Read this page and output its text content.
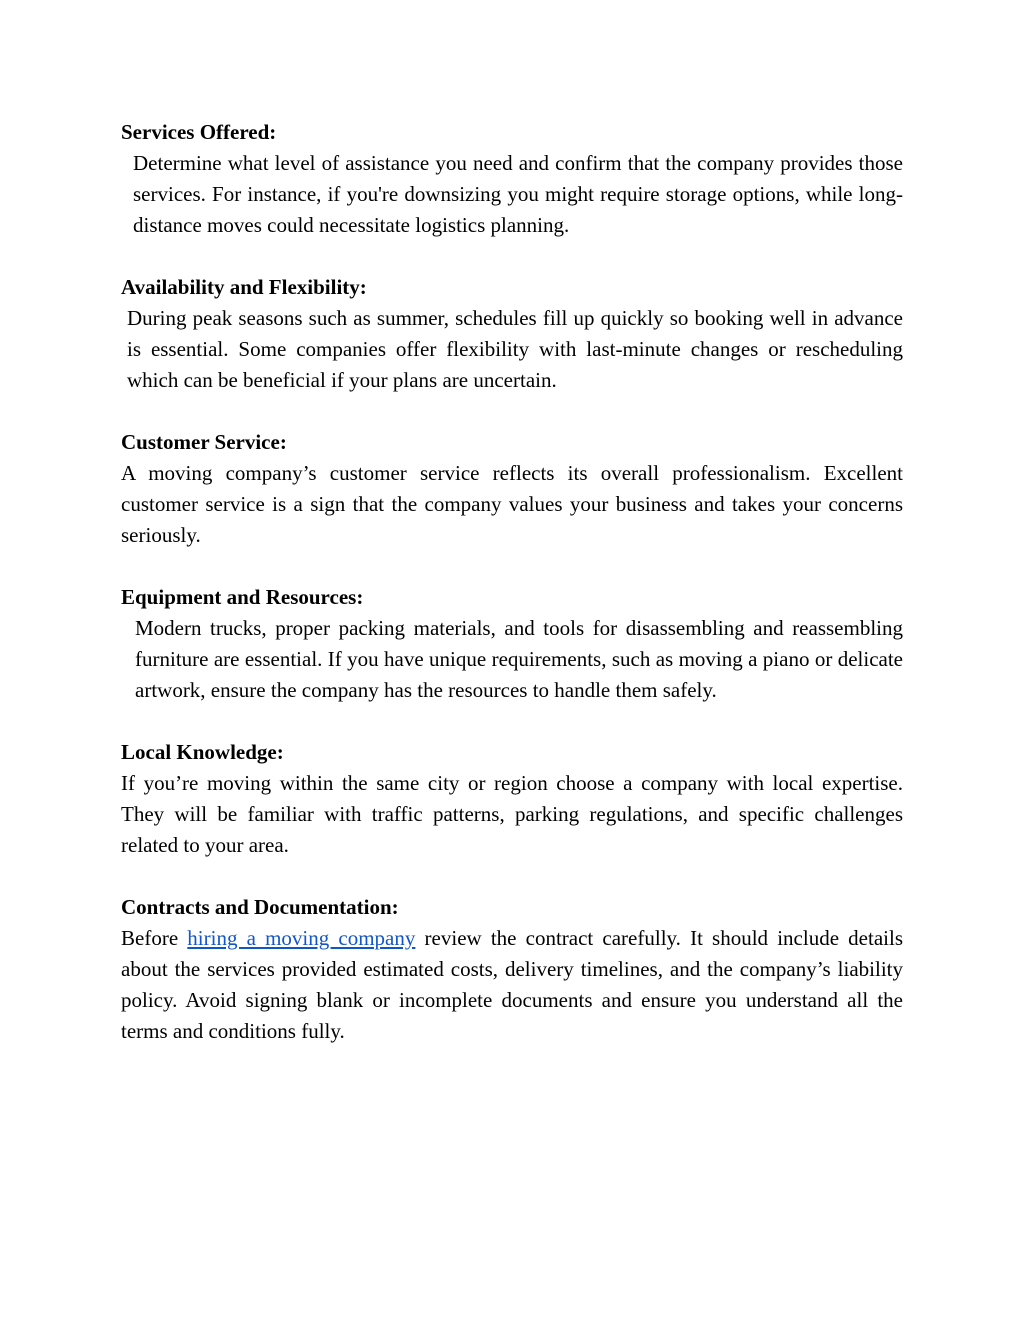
Services Offered:

Determine what level of assistance you need and confirm that the company provides those services. For instance, if you're downsizing you might require storage options, while long-distance moves could necessitate logistics planning.

Availability and Flexibility:

During peak seasons such as summer, schedules fill up quickly so booking well in advance is essential. Some companies offer flexibility with last-minute changes or rescheduling which can be beneficial if your plans are uncertain.

Customer Service:

A moving company’s customer service reflects its overall professionalism. Excellent customer service is a sign that the company values your business and takes your concerns seriously.

Equipment and Resources:

Modern trucks, proper packing materials, and tools for disassembling and reassembling furniture are essential. If you have unique requirements, such as moving a piano or delicate artwork, ensure the company has the resources to handle them safely.

Local Knowledge:

If you’re moving within the same city or region choose a company with local expertise. They will be familiar with traffic patterns, parking regulations, and specific challenges related to your area.

Contracts and Documentation:

Before hiring a moving company review the contract carefully. It should include details about the services provided estimated costs, delivery timelines, and the company’s liability policy. Avoid signing blank or incomplete documents and ensure you understand all the terms and conditions fully.
